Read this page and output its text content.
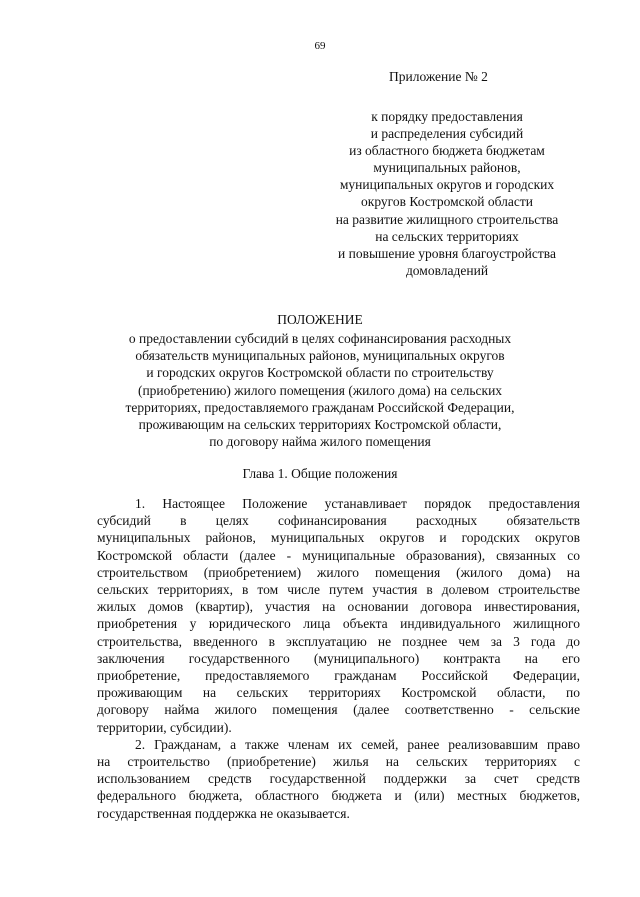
69
Приложение № 2
к порядку предоставления
и распределения субсидий
из областного бюджета бюджетам
муниципальных районов,
муниципальных округов и городских
округов Костромской области
на развитие жилищного строительства
на сельских территориях
и повышение уровня благоустройства
домовладений
ПОЛОЖЕНИЕ
о предоставлении субсидий в целях софинансирования расходных
обязательств муниципальных районов, муниципальных округов
и городских округов Костромской области по строительству
(приобретению) жилого помещения (жилого дома) на сельских
территориях, предоставляемого гражданам Российской Федерации,
проживающим на сельских территориях Костромской области,
по договору найма жилого помещения
Глава 1. Общие положения
1. Настоящее Положение устанавливает порядок предоставления
субсидий в целях софинансирования расходных обязательств
муниципальных районов, муниципальных округов и городских округов
Костромской области (далее - муниципальные образования), связанных со
строительством (приобретением) жилого помещения (жилого дома) на
сельских территориях, в том числе путем участия в долевом строительстве
жилых домов (квартир), участия на основании договора инвестирования,
приобретения у юридического лица объекта индивидуального жилищного
строительства, введенного в эксплуатацию не позднее чем за 3 года до
заключения государственного (муниципального) контракта на его
приобретение, предоставляемого гражданам Российской Федерации,
проживающим на сельских территориях Костромской области, по
договору найма жилого помещения (далее соответственно - сельские
территории, субсидии).
2. Гражданам, а также членам их семей, ранее реализовавшим право
на строительство (приобретение) жилья на сельских территориях с
использованием средств государственной поддержки за счет средств
федерального бюджета, областного бюджета и (или) местных бюджетов,
государственная поддержка не оказывается.
